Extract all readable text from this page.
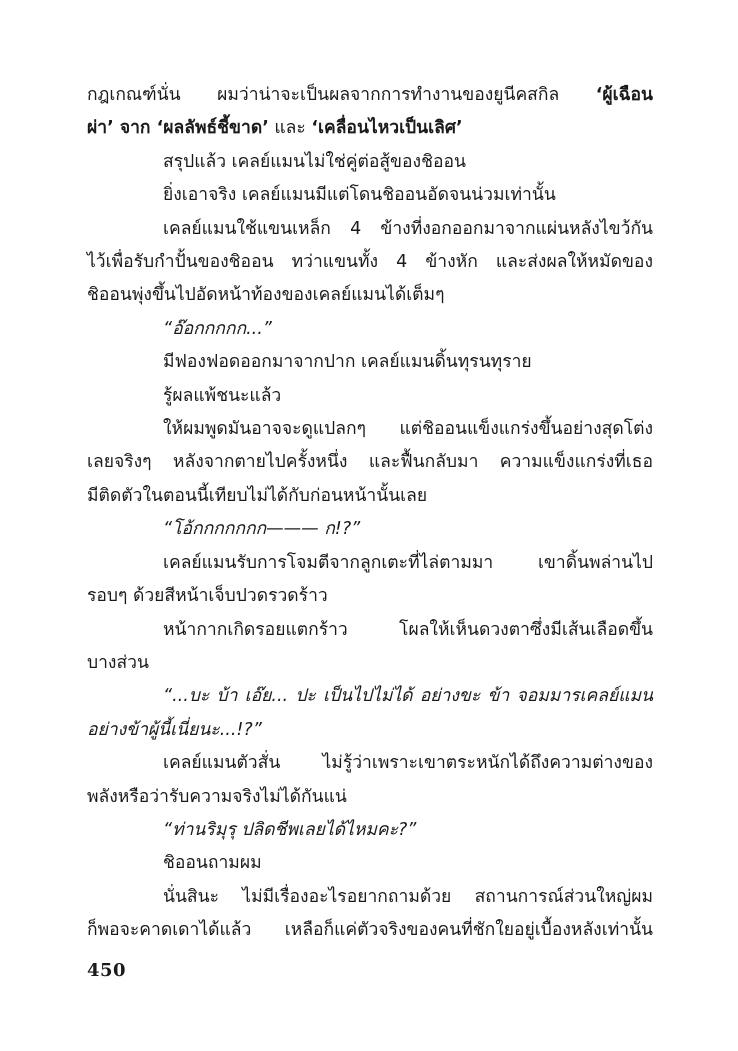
กฎเกณฑ์นั่น ผมว่าน่าจะเป็นผลจากการทำงานของยูนีคสกิล ‘ผู้เฉือน
ผ่า’ จาก ‘ผลลัพธ์ชี้ขาด’ และ ‘เคลื่อนไหวเป็นเลิศ’

สรุปแล้ว เคลย์แมนไม่ใช่คู่ต่อสู้ของชิออน

ยิ่งเอาจริง เคลย์แมนมีแต่โดนชิออนอัดจนน่วมเท่านั้น

เคลย์แมนใช้แขนเหล็ก 4 ข้างที่งอกออกมาจากแผ่นหลังไขว้กัน
ไว้เพื่อรับกำปั้นของชิออน ทว่าแขนทั้ง 4 ข้างหัก และส่งผลให้หมัดของ
ชิออนพุ่งขึ้นไปอัดหน้าท้องของเคลย์แมนได้เต็มๆ

“อ๊อกกกกก...”

มีฟองฟอดออกมาจากปาก เคลย์แมนดิ้นทุรนทุราย

รู้ผลแพ้ชนะแล้ว

ให้ผมพูดมันอาจจะดูแปลกๆ แต่ชิออนแข็งแกร่งขึ้นอย่างสุดโต่ง
เลยจริงๆ หลังจากตายไปครั้งหนึ่ง และฟื้นกลับมา ความแข็งแกร่งที่เธอ
มีติดตัวในตอนนี้เทียบไม่ได้กับก่อนหน้านั้นเลย

“โอ้กกกกกกก——— ก!?”

เคลย์แมนรับการโจมตีจากลูกเตะที่ไล่ตามมา เขาดิ้นพล่านไป
รอบๆ ด้วยสีหน้าเจ็บปวดรวดร้าว

หน้ากากเกิดรอยแตกร้าว โผลให้เห็นดวงตาซึ่งมีเส้นเลือดขึ้น
บางส่วน

“...บะ บ้า เอ๊ย... ปะ เป็นไปไม่ได้ อย่างขะ ข้า จอมมารเคลย์แมน
อย่างข้าผู้นี้เนี่ยนะ...!?”

เคลย์แมนตัวสั่น ไม่รู้ว่าเพราะเขาตระหนักได้ถึงความต่างของ
พลังหรือว่ารับความจริงไม่ได้กันแน่

“ท่านริมุรุ ปลิดชีพเลยได้ไหมคะ?”

ชิออนถามผม

นั่นสินะ ไม่มีเรื่องอะไรอยากถามด้วย สถานการณ์ส่วนใหญ่ผม
ก็พอจะคาดเดาได้แล้ว เหลือก็แค่ตัวจริงของคนที่ชักใยอยู่เบื้องหลังเท่านั้น

450
